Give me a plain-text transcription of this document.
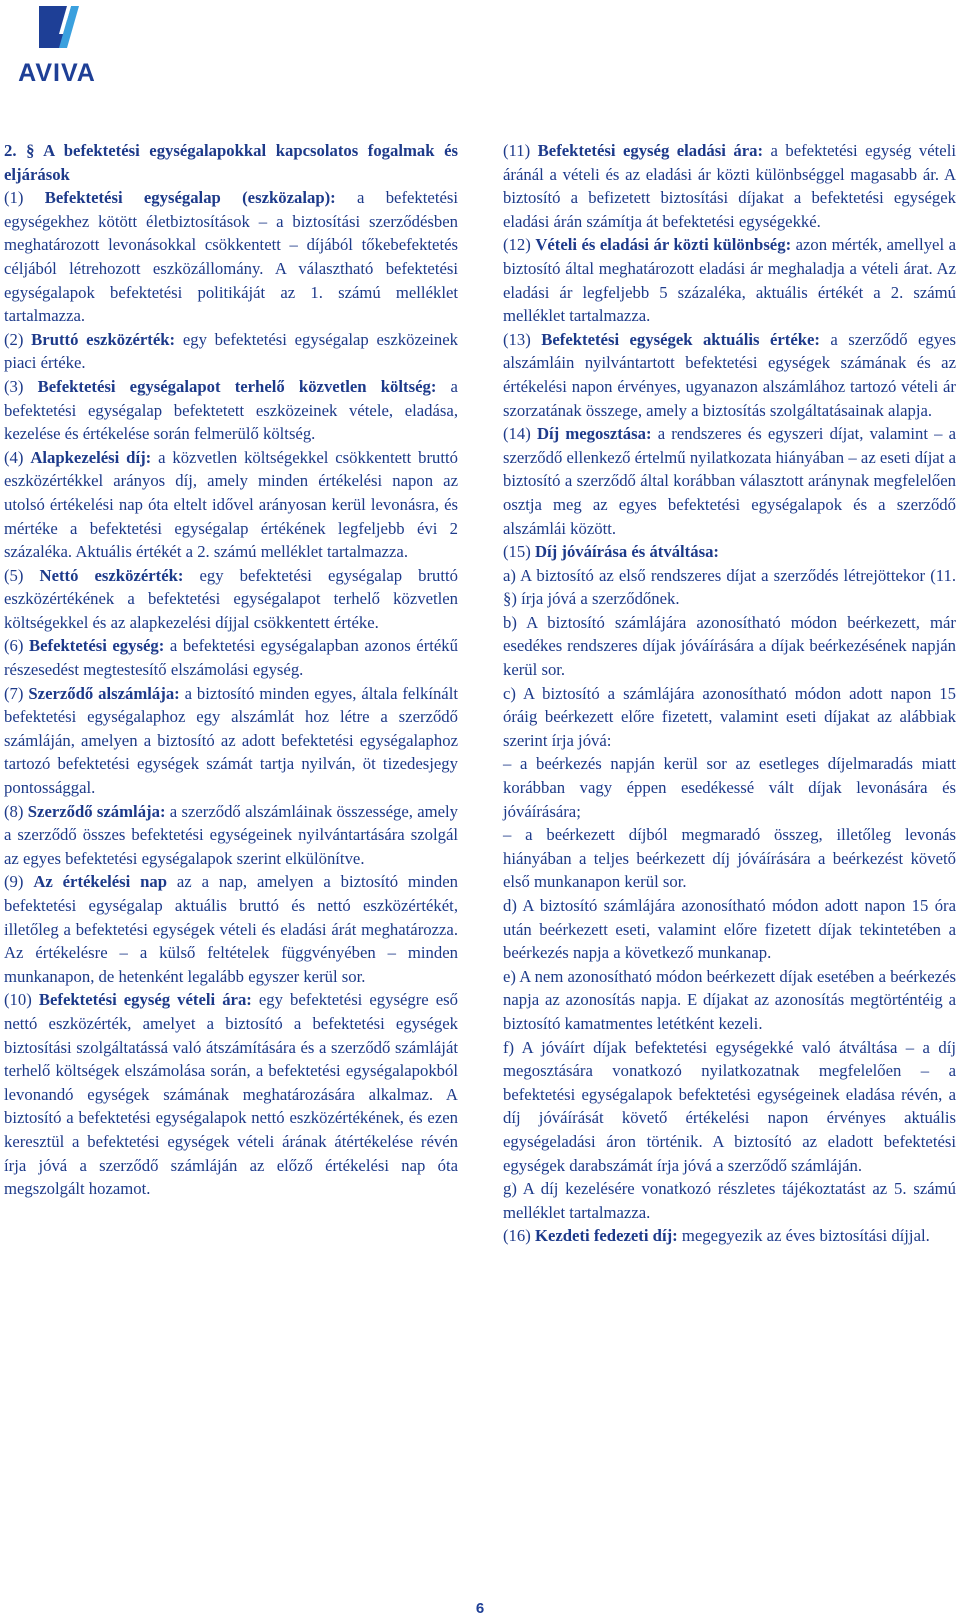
AVIVA

2. § A befektetési egységalapokkal kapcsolatos fogalmak és eljárások

(1) Befektetési egységalap (eszközalap): a befektetési egységekhez kötött életbiztosítások – a biztosítási szerződésben meghatározott levonásokkal csökkentett – díjából tőkebefektetés céljából létrehozott eszközállomány. A választható befektetési egységalapok befektetési politikáját az 1. számú melléklet tartalmazza.

(2) Bruttó eszközérték: egy befektetési egységalap eszközeinek piaci értéke.

(3) Befektetési egységalapot terhelő közvetlen költség: a befektetési egységalap befektetett eszközeinek vétele, eladása, kezelése és értékelése során felmerülő költség.

(4) Alapkezelési díj: a közvetlen költségekkel csökkentett bruttó eszközértékkel arányos díj, amely minden értékelési napon az utolsó értékelési nap óta eltelt idővel arányosan kerül levonásra, és mértéke a befektetési egységalap értékének legfeljebb évi 2 százaléka. Aktuális értékét a 2. számú melléklet tartalmazza.

(5) Nettó eszközérték: egy befektetési egységalap bruttó eszközértékének a befektetési egységalapot terhelő közvetlen költségekkel és az alapkezelési díjjal csökkentett értéke.

(6) Befektetési egység: a befektetési egységalapban azonos értékű részesedést megtestesítő elszámolási egység.

(7) Szerződő alszámlája: a biztosító minden egyes, általa felkínált befektetési egységalaphoz egy alszámlát hoz létre a szerződő számláján, amelyen a biztosító az adott befektetési egységalaphoz tartozó befektetési egységek számát tartja nyilván, öt tizedesjegy pontossággal.

(8) Szerződő számlája: a szerződő alszámláinak összessége, amely a szerződő összes befektetési egységeinek nyilvántartására szolgál az egyes befektetési egységalapok szerint elkülönítve.

(9) Az értékelési nap az a nap, amelyen a biztosító minden befektetési egységalap aktuális bruttó és nettó eszközértékét, illetőleg a befektetési egységek vételi és eladási árát meghatározza. Az értékelésre – a külső feltételek függvényében – minden munkanapon, de hetenként legalább egyszer kerül sor.

(10) Befektetési egység vételi ára: egy befektetési egységre eső nettó eszközérték, amelyet a biztosító a befektetési egységek biztosítási szolgáltatássá való átszámítására és a szerződő számláját terhelő költségek elszámolása során, a befektetési egységalapokból levonandó egységek számának meghatározására alkalmaz. A biztosító a befektetési egységalapok nettó eszközértékének, és ezen keresztül a befektetési egységek vételi árának átértékelése révén írja jóvá a szerződő számláján az előző értékelési nap óta megszolgált hozamot.

(11) Befektetési egység eladási ára: a befektetési egység vételi áránál a vételi és az eladási ár közti különbséggel magasabb ár. A biztosító a befizetett biztosítási díjakat a befektetési egységek eladási árán számítja át befektetési egységekké.

(12) Vételi és eladási ár közti különbség: azon mérték, amellyel a biztosító által meghatározott eladási ár meghaladja a vételi árat. Az eladási ár legfeljebb 5 százaléka, aktuális értékét a 2. számú melléklet tartalmazza.

(13) Befektetési egységek aktuális értéke: a szerződő egyes alszámláin nyilvántartott befektetési egységek számának és az értékelési napon érvényes, ugyanazon alszámlához tartozó vételi ár szorzatának összege, amely a biztosítás szolgáltatásainak alapja.

(14) Díj megosztása: a rendszeres és egyszeri díjat, valamint – a szerződő ellenkező értelmű nyilatkozata hiányában – az eseti díjat a biztosító a szerződő által korábban választott aránynak megfelelően osztja meg az egyes befektetési egységalapok és a szerződő alszámlái között.

(15) Díj jóváírása és átváltása:

a) A biztosító az első rendszeres díjat a szerződés létrejöttekor (11. §) írja jóvá a szerződőnek.

b) A biztosító számlájára azonosítható módon beérkezett, már esedékes rendszeres díjak jóváírására a díjak beérkezésének napján kerül sor.

c) A biztosító a számlájára azonosítható módon adott napon 15 óráig beérkezett előre fizetett, valamint eseti díjakat az alábbiak szerint írja jóvá:

– a beérkezés napján kerül sor az esetleges díjelmaradás miatt korábban vagy éppen esedékessé vált díjak levonására és jóváírására;

– a beérkezett díjból megmaradó összeg, illetőleg levonás hiányában a teljes beérkezett díj jóváírására a beérkezést követő első munkanapon kerül sor.

d) A biztosító számlájára azonosítható módon adott napon 15 óra után beérkezett eseti, valamint előre fizetett díjak tekintetében a beérkezés napja a következő munkanap.

e) A nem azonosítható módon beérkezett díjak esetében a beérkezés napja az azonosítás napja. E díjakat az azonosítás megtörténtéig a biztosító kamatmentes letétként kezeli.

f) A jóváírt díjak befektetési egységekké való átváltása – a díj megosztására vonatkozó nyilatkozatnak megfelelően – a befektetési egységalapok befektetési egységeinek eladása révén, a díj jóváírását követő értékelési napon érvényes aktuális egységeladási áron történik. A biztosító az eladott befektetési egységek darabszámát írja jóvá a szerződő számláján.

g) A díj kezelésére vonatkozó részletes tájékoztatást az 5. számú melléklet tartalmazza.

(16) Kezdeti fedezeti díj: megegyezik az éves biztosítási díjjal.

6
